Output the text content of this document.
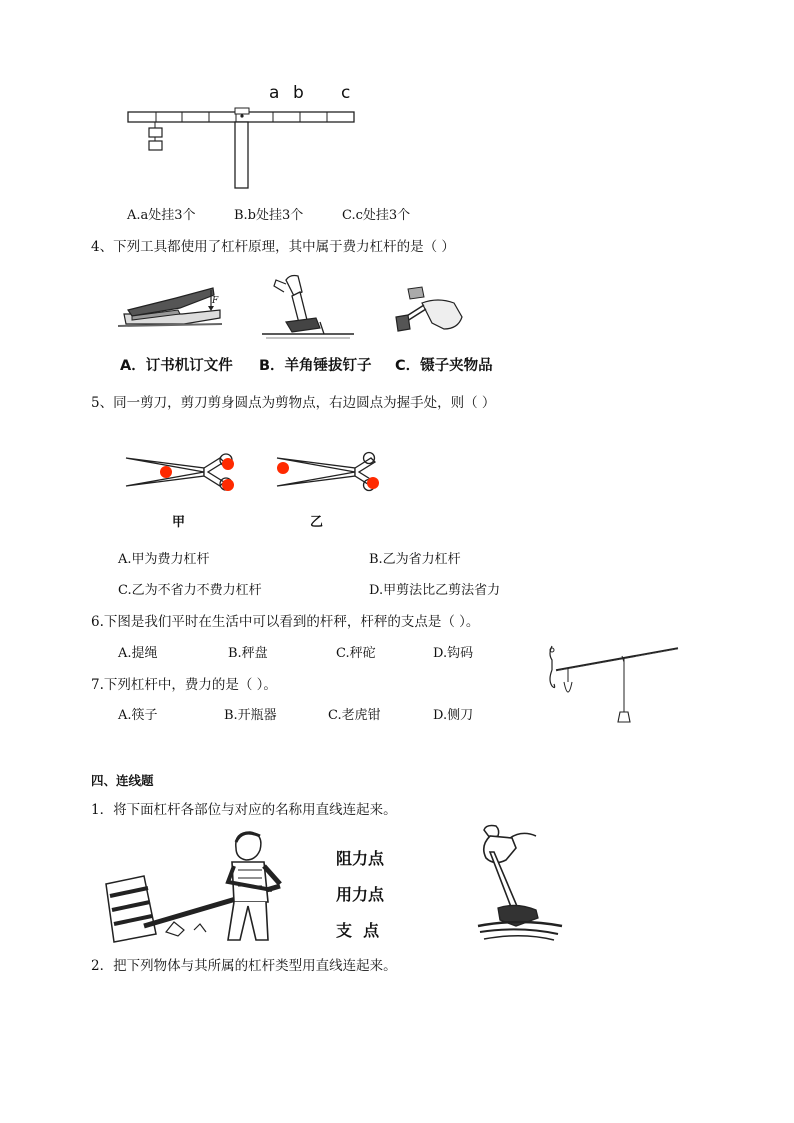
a b c
A.a处挂3个	B.b处挂3个	C.c处挂3个
4、下列工具都使用了杠杆原理，其中属于费力杠杆的是（ ）
F
A．订书机订文件 B．羊角锤拔钉子 C．镊子夹物品
5、同一剪刀，剪刀剪身圆点为剪物点，右边圆点为握手处，则（ ）
甲	乙
A.甲为费力杠杆	B.乙为省力杠杆
C.乙为不省力不费力杠杆	D.甲剪法比乙剪法省力
6.下图是我们平时在生活中可以看到的杆秤，杆秤的支点是（ ）。
A.提绳	B.秤盘	C.秤砣	D.钩码
7.下列杠杆中，费力的是（ ）。
A.筷子	B.开瓶器	C.老虎钳	D.侧刀
四、连线题
1．将下面杠杆各部位与对应的名称用直线连起来。
阻力点
用力点
支  点
2．把下列物体与其所属的杠杆类型用直线连起来。
